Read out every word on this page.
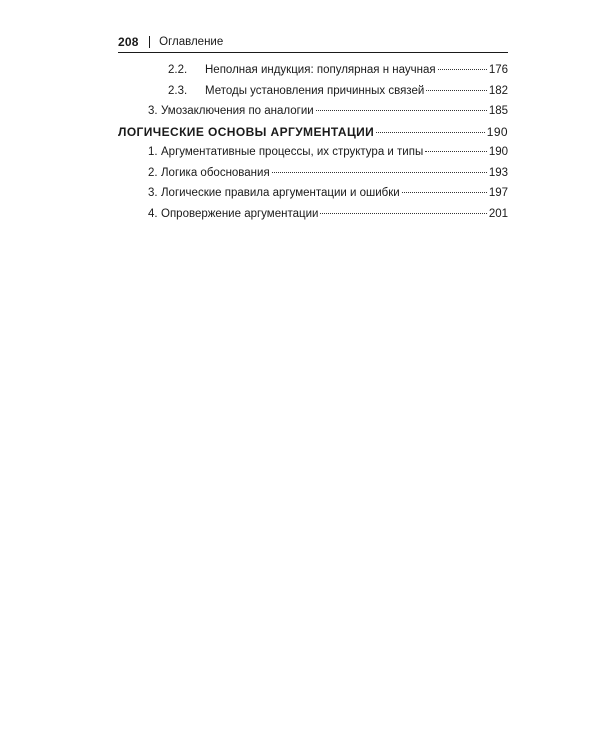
208 Оглавление
2.2.	Неполная индукция: популярная н научная	176
2.3.	Методы установления причинных связей	182
3. Умозаключения по аналогии	185
ЛОГИЧЕСКИЕ ОСНОВЫ АРГУМЕНТАЦИИ	190
1. Аргументативные процессы, их структура и типы	190
2. Логика обоснования	193
3. Логические правила аргументации и ошибки	197
4. Опровержение аргументации	201
